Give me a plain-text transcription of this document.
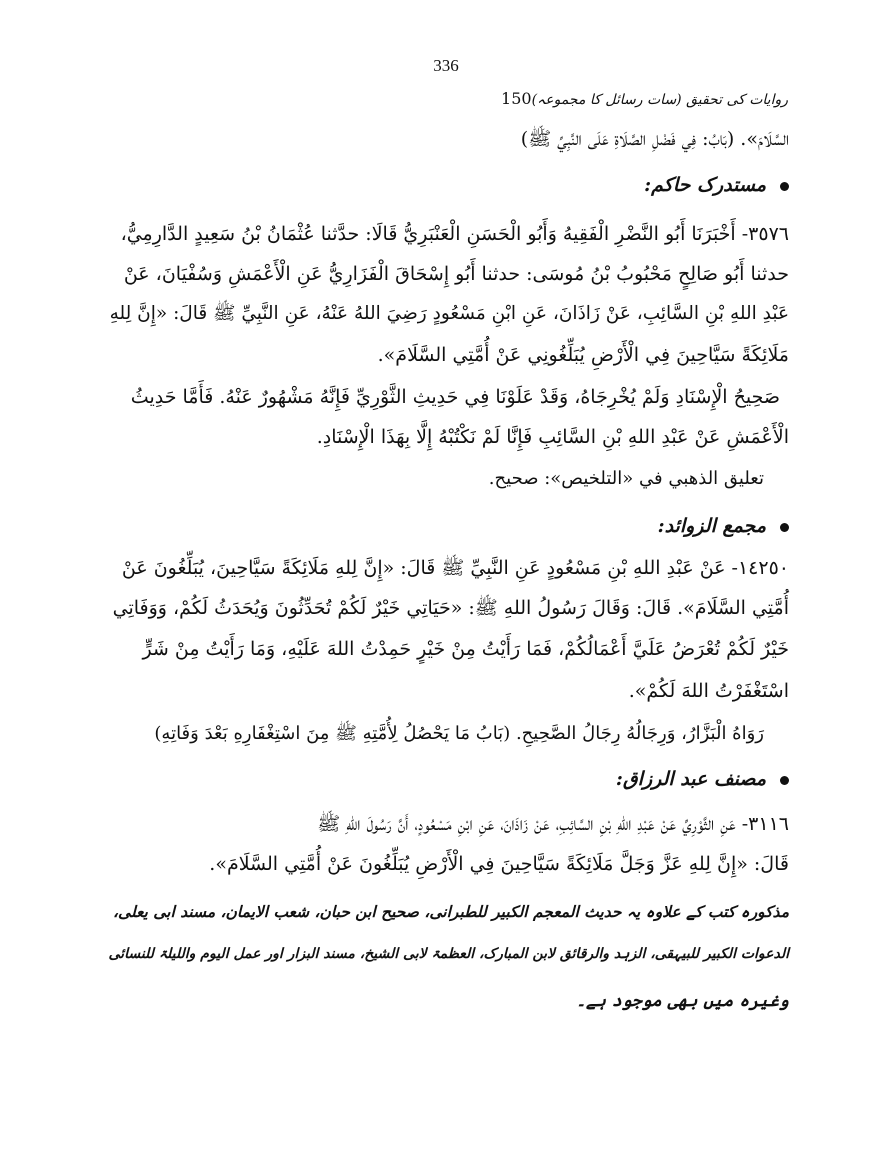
336
150روایات کی تحقیق (سات رسائل کا مجموعہ)
السَّلَامَ». (بَابُ: فِي فَضْلِ الصَّلَاةِ عَلَى النَّبِيِّ ﷺ)
مستدرک حاکم:
٣٥٧٦- أَخْبَرَنَا أَبُو النَّضْرِ الْفَقِيهُ وَأَبُو الْحَسَنِ الْعَنْبَرِيُّ قَالَا: حدَّثنا عُثْمَانُ بْنُ سَعِيدٍ الدَّارِمِيُّ،
حدثنا أَبُو صَالِحٍ مَحْبُوبُ بْنُ مُوسَى: حدثنا أَبُو إِسْحَاقَ الْفَزَارِيُّ عَنِ الْأَعْمَشِ وَسُفْيَانَ، عَنْ
عَبْدِ اللهِ بْنِ السَّائِبِ، عَنْ زَاذَانَ، عَنِ ابْنِ مَسْعُودٍ رَضِيَ اللهُ عَنْهُ، عَنِ النَّبِيِّ ﷺ قَالَ: «إِنَّ لِلهِ
مَلَائِكَةً سَيَّاحِينَ فِي الْأَرْضِ يُبَلِّغُونِي عَنْ أُمَّتِي السَّلَامَ».
صَحِيحُ الْإِسْنَادِ وَلَمْ يُخْرِجَاهُ، وَقَدْ عَلَوْنَا فِي حَدِيثِ الثَّوْرِيِّ فَإِنَّهُ مَشْهُورٌ عَنْهُ. فَأَمَّا حَدِيثُ
الْأَعْمَشِ عَنْ عَبْدِ اللهِ بْنِ السَّائِبِ فَإِنَّا لَمْ نَكْتُبْهُ إِلَّا بِهَذَا الْإِسْنَادِ.
تعليق الذهبي في «التلخيص»: صحيح.
مجمع الزوائد:
١٤٢٥٠- عَنْ عَبْدِ اللهِ بْنِ مَسْعُودٍ عَنِ النَّبِيِّ ﷺ قَالَ: «إِنَّ لِلهِ مَلَائِكَةً سَيَّاحِينَ، يُبَلِّغُونَ عَنْ
أُمَّتِي السَّلَامَ». قَالَ: وَقَالَ رَسُولُ اللهِ ﷺ: «حَيَاتِي خَيْرٌ لَكُمْ تُحَدِّثُونَ وَيُحَدَثُ لَكُمْ، وَوَفَاتِي
خَيْرٌ لَكُمْ تُعْرَضُ عَلَيَّ أَعْمَالُكُمْ، فَمَا رَأَيْتُ مِنْ خَيْرٍ حَمِدْتُ اللهَ عَلَيْهِ، وَمَا رَأَيْتُ مِنْ شَرٍّ
اسْتَغْفَرْتُ اللهَ لَكُمْ».
رَوَاهُ الْبَزَّارُ، وَرِجَالُهُ رِجَالُ الصَّحِيحِ. (بَابُ مَا يَحْصُلُ لِأُمَّتِهِ ﷺ مِنَ اسْتِغْفَارِهِ بَعْدَ وَفَاتِهِ)
مصنف عبد الرزاق:
٣١١٦- عَنِ الثَّوْرِيِّ عَنْ عَبْدِ اللهِ بْنِ السَّائِبِ، عَنْ زَاذَانَ، عَنِ ابْنِ مَسْعُودٍ، أَنَّ رَسُولَ اللهِ ﷺ
قَالَ: «إِنَّ لِلهِ عَزَّ وَجَلَّ مَلَائِكَةً سَيَّاحِينَ فِي الْأَرْضِ يُبَلِّغُونَ عَنْ أُمَّتِي السَّلَامَ».
مذکورہ کتب کے علاوہ یہ حدیث المعجم الکبیر للطبرانی، صحیح ابن حبان، شعب الایمان، مسند ابی یعلی،
الدعوات الکبیر للبیہقی، الزہد والرقائق لابن المبارک، العظمۃ لابی الشیخ، مسند البزار اور عمل الیوم واللیلۃ للنسائی
وغیرہ میں بھی موجود ہے۔
